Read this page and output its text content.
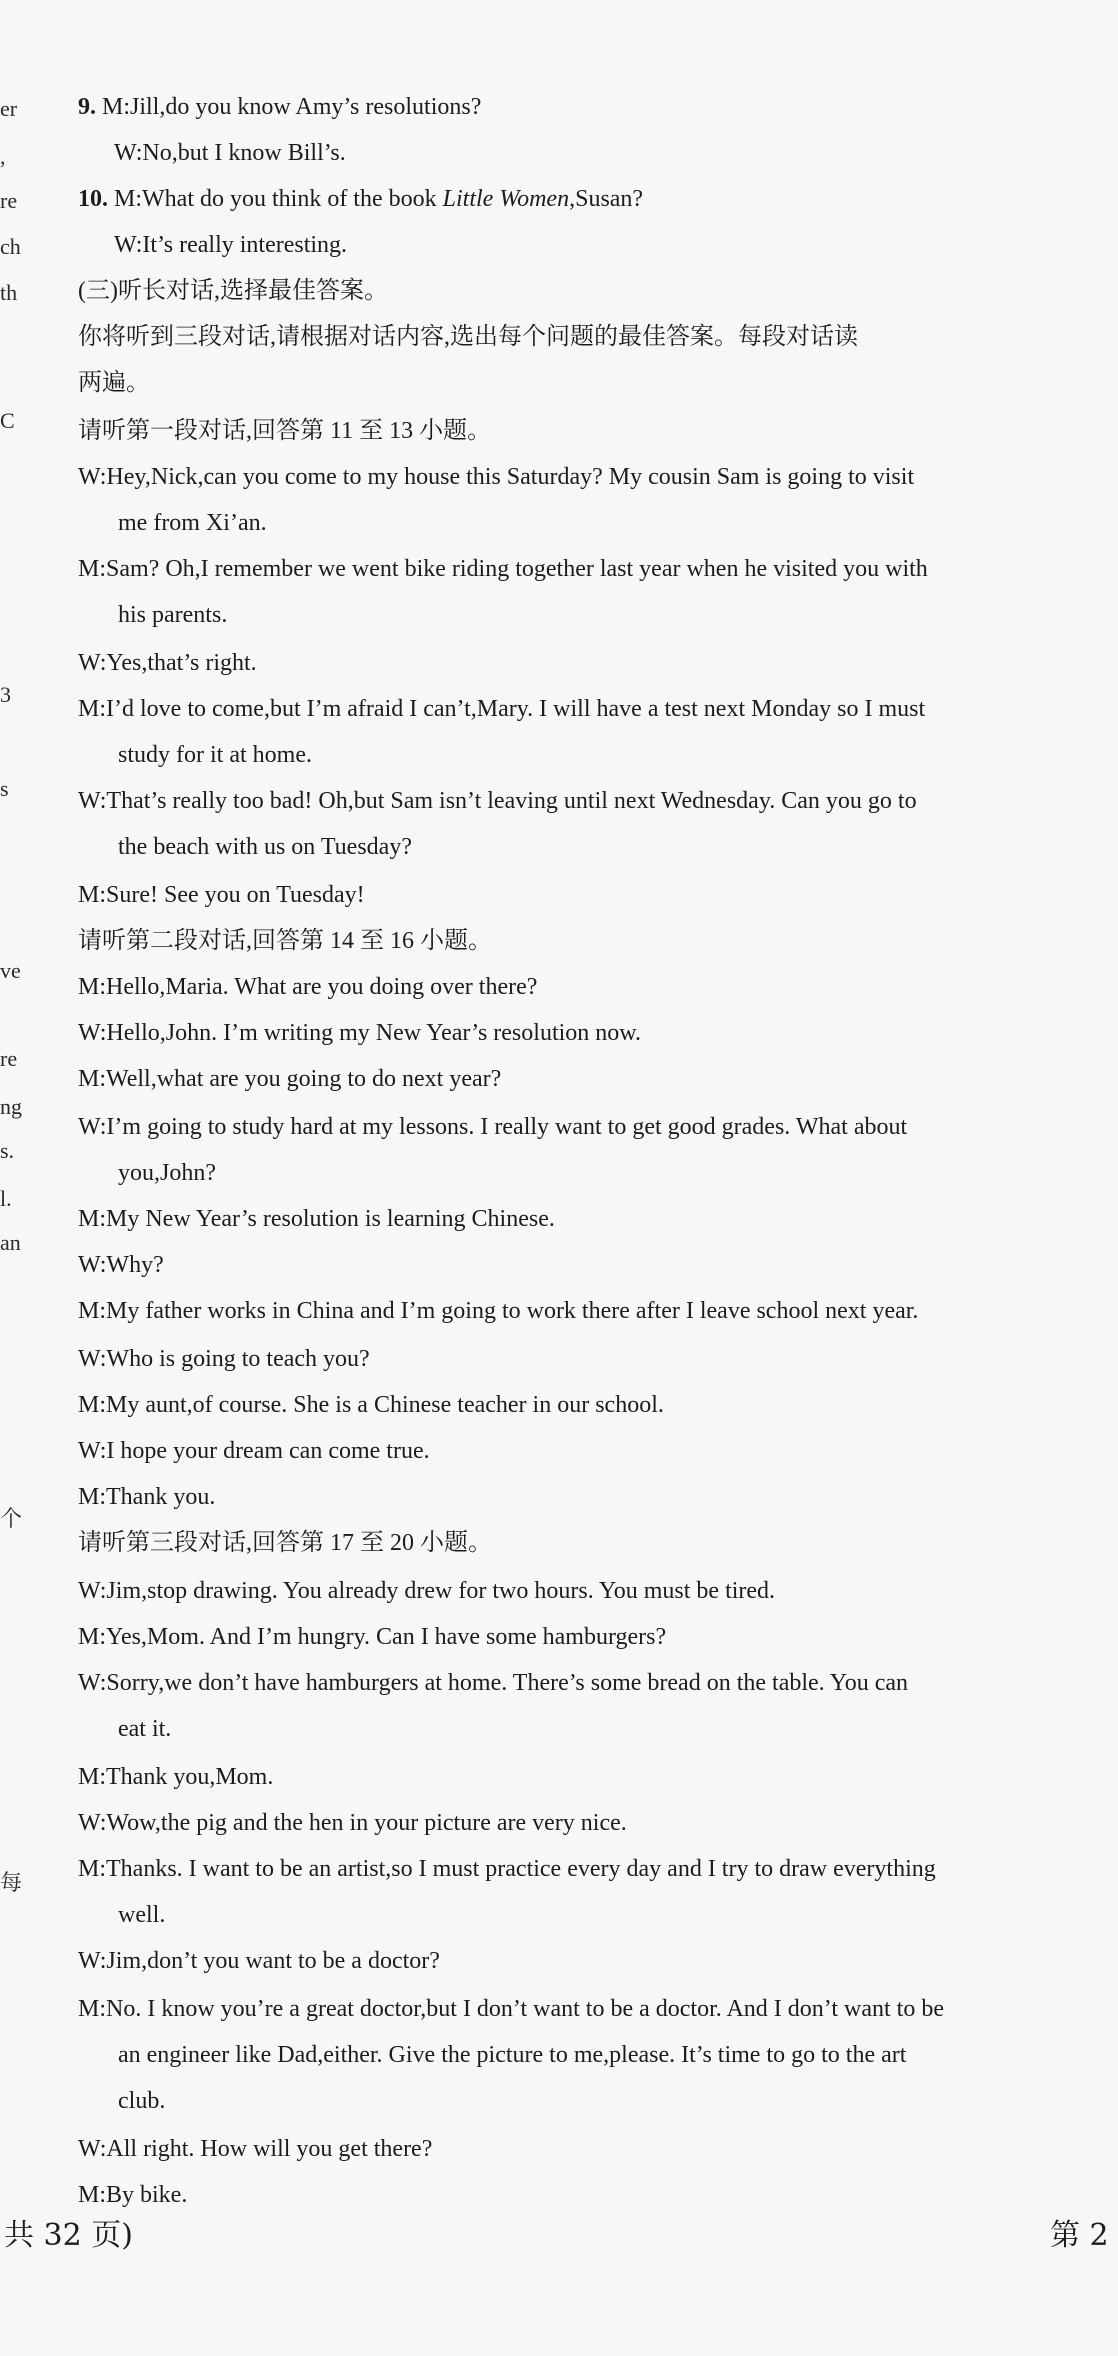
er
,
re
ch
th
C
3
s
ve
re
ng
s.
l.
an
个
每
9. M:Jill,do you know Amy’s resolutions?
W:No,but I know Bill’s.
10. M:What do you think of the book Little Women,Susan?
W:It’s really interesting.
(三)听长对话,选择最佳答案。
你将听到三段对话,请根据对话内容,选出每个问题的最佳答案。每段对话读
两遍。
请听第一段对话,回答第 11 至 13 小题。
W:Hey,Nick,can you come to my house this Saturday? My cousin Sam is going to visit
me from Xi’an.
M:Sam? Oh,I remember we went bike riding together last year when he visited you with
his parents.
W:Yes,that’s right.
M:I’d love to come,but I’m afraid I can’t,Mary. I will have a test next Monday so I must
study for it at home.
W:That’s really too bad! Oh,but Sam isn’t leaving until next Wednesday. Can you go to
the beach with us on Tuesday?
M:Sure! See you on Tuesday!
请听第二段对话,回答第 14 至 16 小题。
M:Hello,Maria. What are you doing over there?
W:Hello,John. I’m writing my New Year’s resolution now.
M:Well,what are you going to do next year?
W:I’m going to study hard at my lessons. I really want to get good grades. What about
you,John?
M:My New Year’s resolution is learning Chinese.
W:Why?
M:My father works in China and I’m going to work there after I leave school next year.
W:Who is going to teach you?
M:My aunt,of course. She is a Chinese teacher in our school.
W:I hope your dream can come true.
M:Thank you.
请听第三段对话,回答第 17 至 20 小题。
W:Jim,stop drawing. You already drew for two hours. You must be tired.
M:Yes,Mom. And I’m hungry. Can I have some hamburgers?
W:Sorry,we don’t have hamburgers at home. There’s some bread on the table. You can
eat it.
M:Thank you,Mom.
W:Wow,the pig and the hen in your picture are very nice.
M:Thanks. I want to be an artist,so I must practice every day and I try to draw everything
well.
W:Jim,don’t you want to be a doctor?
M:No. I know you’re a great doctor,but I don’t want to be a doctor. And I don’t want to be
an engineer like Dad,either. Give the picture to me,please. It’s time to go to the art
club.
W:All right. How will you get there?
M:By bike.
共 32 页)	第 2
